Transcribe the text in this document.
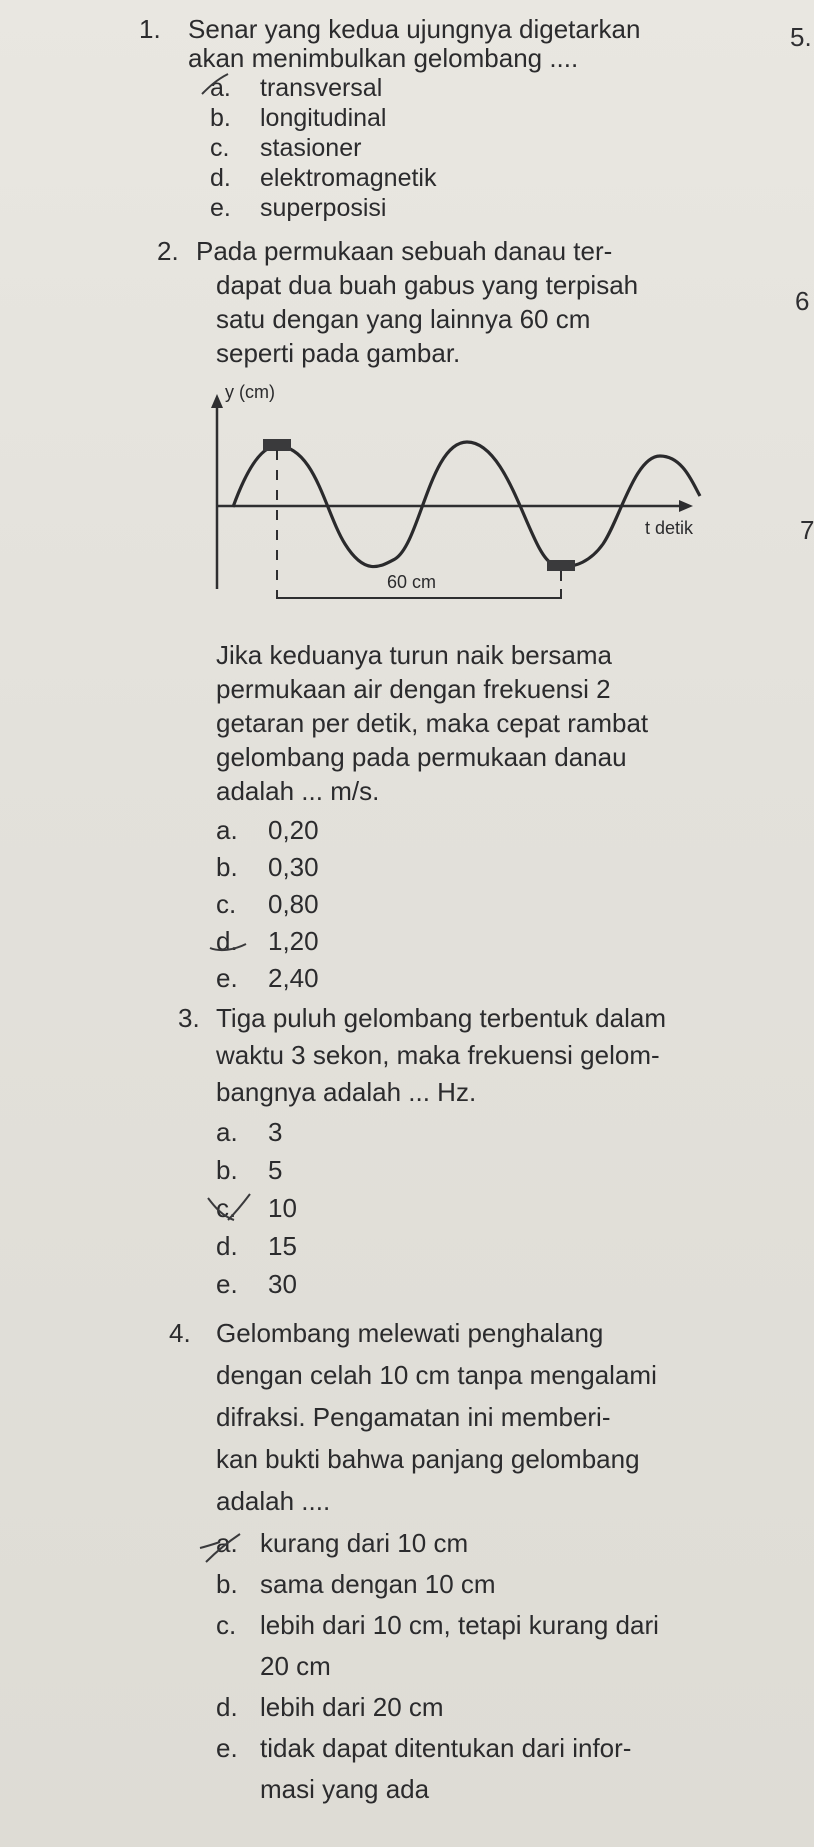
1. Senar yang kedua ujungnya digetarkan
akan menimbulkan gelombang ....
a. transversal
b. longitudinal
c. stasioner
d. elektromagnetik
e. superposisi
2. Pada permukaan sebuah danau ter-
dapat dua buah gabus yang terpisah
satu dengan yang lainnya 60 cm
seperti pada gambar.
y (cm)
t detik
60 cm
Jika keduanya turun naik bersama
permukaan air dengan frekuensi 2
getaran per detik, maka cepat rambat
gelombang pada permukaan danau
adalah ... m/s.
a. 0,20
b. 0,30
c. 0,80
d. 1,20
e. 2,40
3. Tiga puluh gelombang terbentuk dalam
waktu 3 sekon, maka frekuensi gelom-
bangnya adalah ... Hz.
a. 3
b. 5
c. 10
d. 15
e. 30
4. Gelombang melewati penghalang
dengan celah 10 cm tanpa mengalami
difraksi. Pengamatan ini memberi-
kan bukti bahwa panjang gelombang
adalah ....
a. kurang dari 10 cm
b. sama dengan 10 cm
c. lebih dari 10 cm, tetapi kurang dari
20 cm
d. lebih dari 20 cm
e. tidak dapat ditentukan dari infor-
masi yang ada
5.
6
7
